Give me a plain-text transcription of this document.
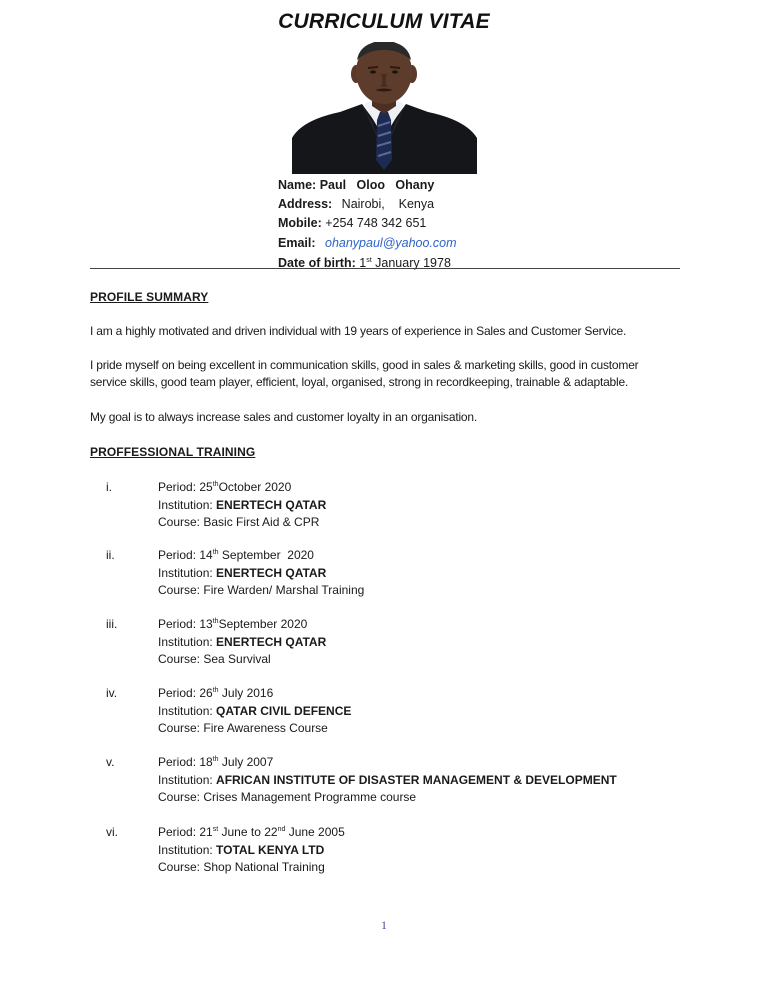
CURRICULUM VITAE
Name: Paul   Oloo   Ohany
Address: Nairobi,    Kenya
Mobile: +254 748 342 651
Email: ohanypaul@yahoo.com
Date of birth: 1st January 1978
PROFILE SUMMARY
I am a highly motivated and driven individual with 19 years of experience in Sales and Customer Service.
I pride myself on being excellent in communication skills, good in sales & marketing skills, good in customer
service skills, good team player, efficient, loyal, organised, strong in recordkeeping, trainable & adaptable.
My goal is to always increase sales and customer loyalty in an organisation.
PROFFESSIONAL TRAINING
i.	Period: 25thOctober 2020
Institution: ENERTECH QATAR
Course: Basic First Aid & CPR
ii.	Period: 14th September  2020
Institution: ENERTECH QATAR
Course: Fire Warden/ Marshal Training
iii.	Period: 13thSeptember 2020
Institution: ENERTECH QATAR
Course: Sea Survival
iv.	Period: 26th July 2016
Institution: QATAR CIVIL DEFENCE
Course: Fire Awareness Course
v.	Period: 18th July 2007
Institution: AFRICAN INSTITUTE OF DISASTER MANAGEMENT & DEVELOPMENT
Course: Crises Management Programme course
vi.	Period: 21st June to 22nd June 2005
Institution: TOTAL KENYA LTD
Course: Shop National Training
1
